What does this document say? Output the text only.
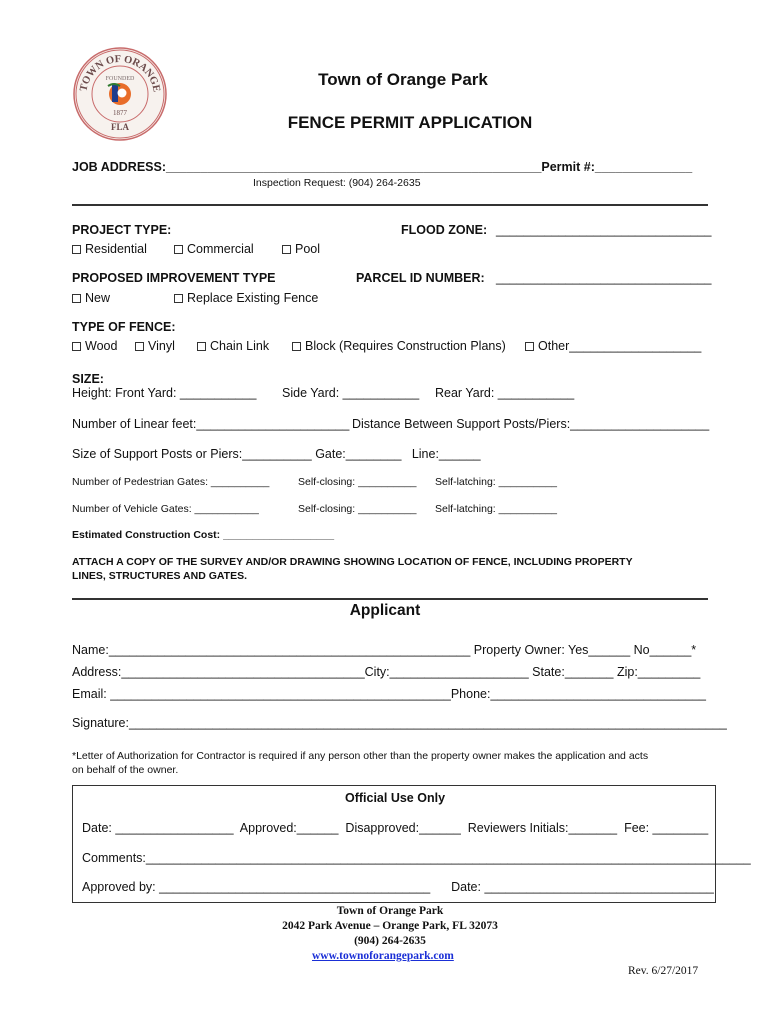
TOWN OF ORANGE
FOUNDED
1877
FLA
Town of Orange Park
FENCE PERMIT APPLICATION
JOB ADDRESS:______________________________________________________Permit #:______________
Inspection Request: (904) 264-2635
PROJECT TYPE:	FLOOD ZONE: _______________________________
Residential	Commercial	Pool
PROPOSED IMPROVEMENT TYPE	PARCEL ID NUMBER: _______________________________
New	Replace Existing Fence
TYPE OF FENCE:
Wood	Vinyl	Chain Link	Block (Requires Construction Plans)	Other___________________
SIZE:
Height: Front Yard: ___________ Side Yard: ___________ Rear Yard: ___________
Number of Linear feet:______________________ Distance Between Support Posts/Piers:____________________
Size of Support Posts or Piers:__________ Gate:________   Line:______
Number of Pedestrian Gates: __________	Self-closing: __________ Self-latching: __________
Number of Vehicle Gates: ___________	Self-closing: __________ Self-latching: __________
Estimated Construction Cost: ___________________
ATTACH A COPY OF THE SURVEY AND/OR DRAWING SHOWING LOCATION OF FENCE, INCLUDING PROPERTY
LINES, STRUCTURES AND GATES.
Applicant
Name:____________________________________________________ Property Owner: Yes______ No______*
Address:___________________________________City:____________________ State:_______ Zip:_________
Email: _________________________________________________Phone:_______________________________
Signature:______________________________________________________________________________________
*Letter of Authorization for Contractor is required if any person other than the property owner makes the application and acts
on behalf of the owner.
Official Use Only
Date: _________________  Approved:______  Disapproved:______  Reviewers Initials:_______  Fee: ________
Comments:_______________________________________________________________________________________
Approved by: _______________________________________      Date: _________________________________
Town of Orange Park
2042 Park Avenue – Orange Park, FL 32073
(904) 264-2635
www.townoforangepark.com
Rev. 6/27/2017
